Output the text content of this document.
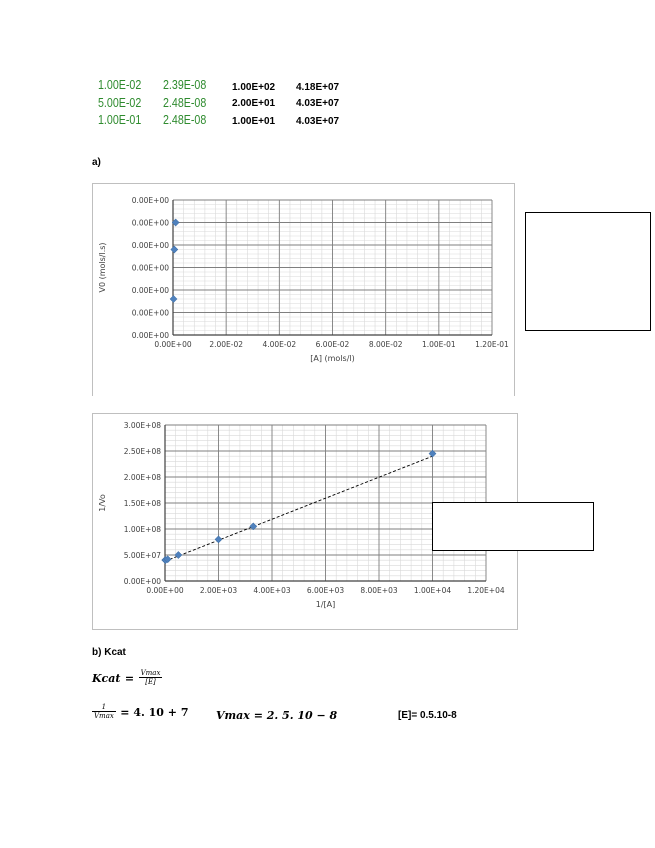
1.00E-02 2.39E-08	1.00E+02 4.18E+07
5.00E-02 2.48E-08	2.00E+01 4.03E+07
1.00E-01 2.48E-08	1.00E+01 4.03E+07
a)
0.00E+00 2.00E-02	4.00E-02	6.00E-02	8.00E-02	1.00E-01	1.20E-01
0.00E+00
0.00E+00
0.00E+00
0.00E+00
0.00E+00
0.00E+00
0.00E+00
[A] (mols/l)
V0 (mols/l.s)
0.00E+00 2.00E+03 4.00E+03 6.00E+03 8.00E+03 1.00E+04 1.20E+04
0.00E+00
5.00E+07
1.00E+08
1.50E+08
2.00E+08
2.50E+08
3.00E+08
1/[A]
1/Vo
b) Kcat
Kcat = $\frac{Vmax}{[E]}$
$\frac{1}{Vmax} = 4$. 10 + 7	Vmax = 2. 5. 10 − 8	[E]= 0.5.10-8
